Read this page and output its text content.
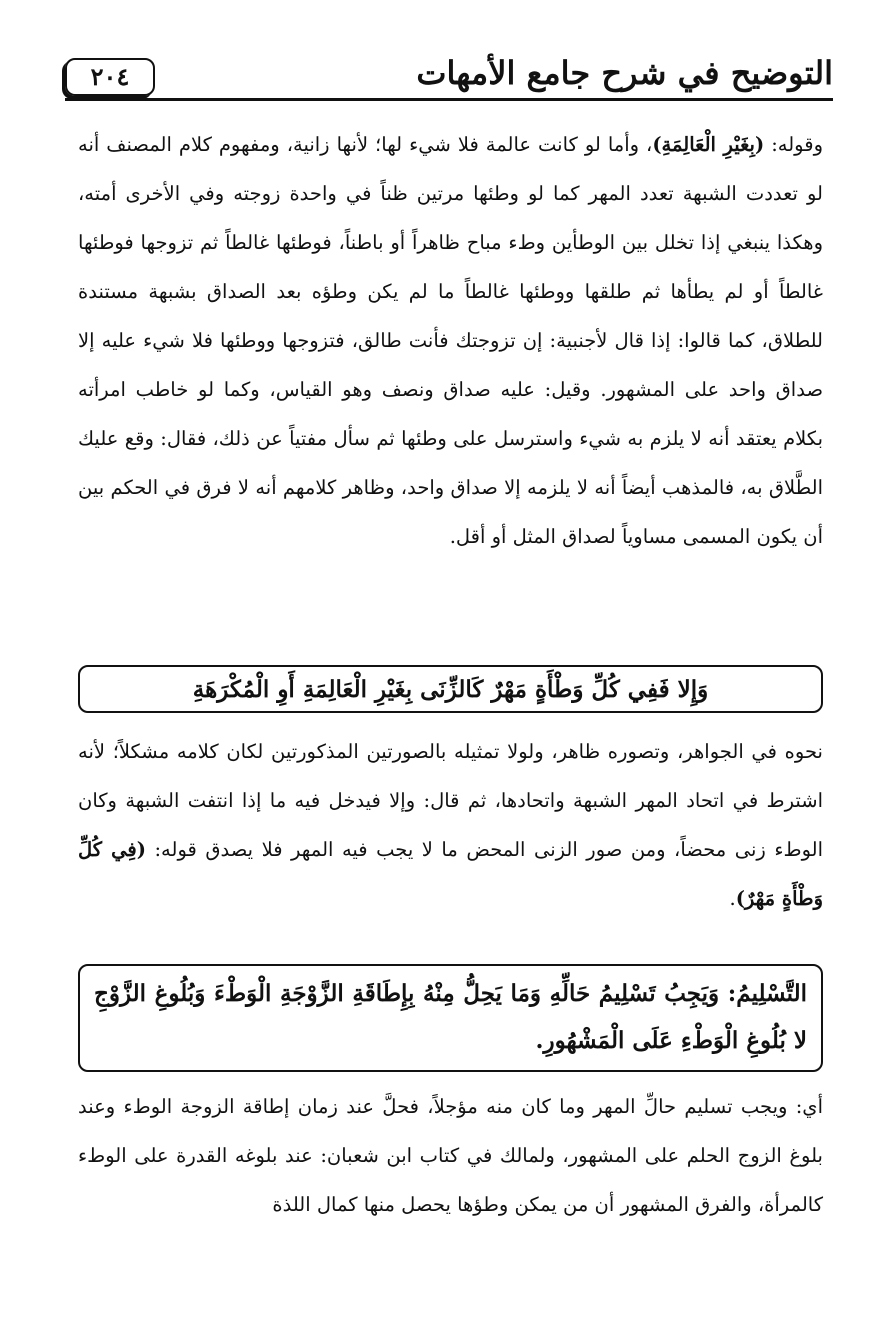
التوضيح في شرح جامع الأمهات
٢٠٤
وقوله: (بِغَيْرِ الْعَالِمَةِ)، وأما لو كانت عالمة فلا شيء لها؛ لأنها زانية، ومفهوم كلام المصنف أنه لو تعددت الشبهة تعدد المهر كما لو وطئها مرتين ظناً في واحدة زوجته وفي الأخرى أمته، وهكذا ينبغي إذا تخلل بين الوطأين وطء مباح ظاهراً أو باطناً، فوطئها غالطاً ثم تزوجها فوطئها غالطاً أو لم يطأها ثم طلقها ووطئها غالطاً ما لم يكن وطؤه بعد الصداق بشبهة مستندة للطلاق، كما قالوا: إذا قال لأجنبية: إن تزوجتك فأنت طالق، فتزوجها ووطئها فلا شيء عليه إلا صداق واحد على المشهور. وقيل: عليه صداق ونصف وهو القياس، وكما لو خاطب امرأته بكلام يعتقد أنه لا يلزم به شيء واسترسل على وطئها ثم سأل مفتياً عن ذلك، فقال: وقع عليك الطَّلاق به، فالمذهب أيضاً أنه لا يلزمه إلا صداق واحد، وظاهر كلامهم أنه لا فرق في الحكم بين أن يكون المسمى مساوياً لصداق المثل أو أقل.
وَإِلا فَفِي كُلِّ وَطْأَةٍ مَهْرٌ كَالزِّنَى بِغَيْرِ الْعَالِمَةِ أَوِ الْمُكْرَهَةِ
نحوه في الجواهر، وتصوره ظاهر، ولولا تمثيله بالصورتين المذكورتين لكان كلامه مشكلاً؛ لأنه اشترط في اتحاد المهر الشبهة واتحادها، ثم قال: وإلا فيدخل فيه ما إذا انتفت الشبهة وكان الوطء زنى محضاً، ومن صور الزنى المحض ما لا يجب فيه المهر فلا يصدق قوله: (فِي كُلِّ وَطْأَةٍ مَهْرٌ).
التَّسْلِيمُ: وَيَجِبُ تَسْلِيمُ حَالِّهِ وَمَا يَحِلُّ مِنْهُ بِإِطَاقَةِ الزَّوْجَةِ الْوَطْءَ وَبُلُوغِ الزَّوْجِ لا بُلُوغِ الْوَطْءِ عَلَى الْمَشْهُورِ.
أي: ويجب تسليم حالِّ المهر وما كان منه مؤجلاً، فحلَّ عند زمان إطاقة الزوجة الوطء وعند بلوغ الزوج الحلم على المشهور، ولمالك في كتاب ابن شعبان: عند بلوغه القدرة على الوطء كالمرأة، والفرق المشهور أن من يمكن وطؤها يحصل منها كمال اللذة
